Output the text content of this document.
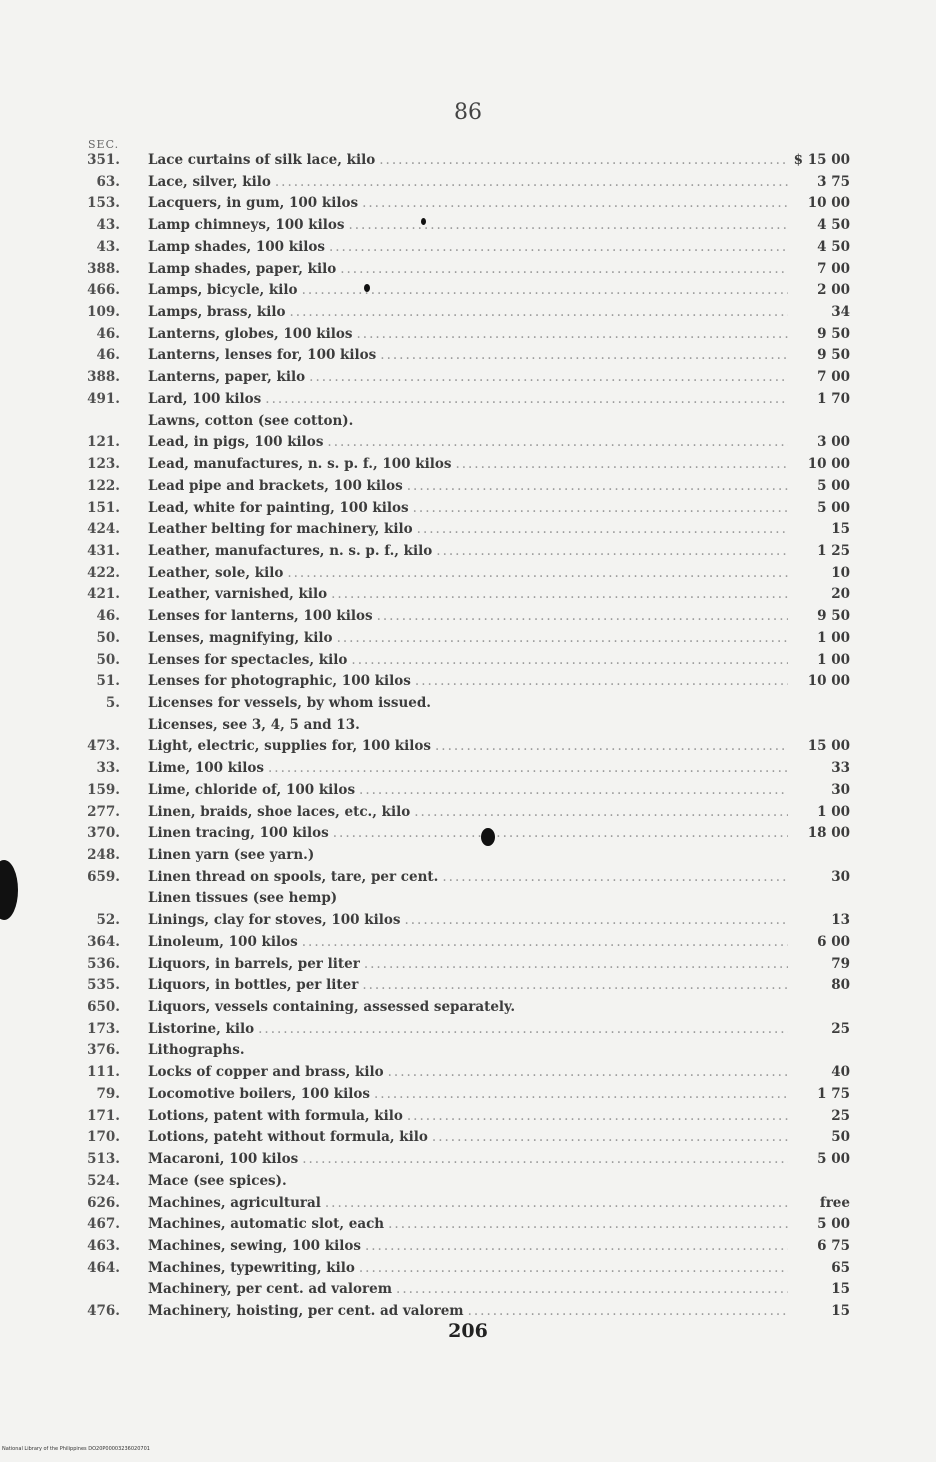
86
SEC.
351.	Lace curtains of silk lace, kilo .....	$ 15 00
63.	Lace, silver, kilo .....	3 75
153.	Lacquers, in gum, 100 kilos .....	10 00
43.	Lamp chimneys, 100 kilos .....	4 50
43.	Lamp shades, 100 kilos .....	4 50
388.	Lamp shades, paper, kilo .....	7 00
466.	Lamps, bicycle, kilo .....	2 00
109.	Lamps, brass, kilo .....	34
46.	Lanterns, globes, 100 kilos .....	9 50
46.	Lanterns, lenses for, 100 kilos .....	9 50
388.	Lanterns, paper, kilo .....	7 00
491.	Lard, 100 kilos .....	1 70
Lawns, cotton (see cotton).
121.	Lead, in pigs, 100 kilos .....	3 00
123.	Lead, manufactures, n. s. p. f., 100 kilos .....	10 00
122.	Lead pipe and brackets, 100 kilos .....	5 00
151.	Lead, white for painting, 100 kilos .....	5 00
424.	Leather belting for machinery, kilo .....	15
431.	Leather, manufactures, n. s. p. f., kilo .....	1 25
422.	Leather, sole, kilo .....	10
421.	Leather, varnished, kilo .....	20
46.	Lenses for lanterns, 100 kilos .....	9 50
50.	Lenses, magnifying, kilo .....	1 00
50.	Lenses for spectacles, kilo .....	1 00
51.	Lenses for photographic, 100 kilos .....	10 00
5.	Licenses for vessels, by whom issued.
Licenses, see 3, 4, 5 and 13.
473.	Light, electric, supplies for, 100 kilos .....	15 00
33.	Lime, 100 kilos .....	33
159.	Lime, chloride of, 100 kilos .....	30
277.	Linen, braids, shoe laces, etc., kilo .....	1 00
370.	Linen tracing, 100 kilos .....	18 00
248.	Linen yarn (see yarn.)
659.	Linen thread on spools, tare, per cent. .....	30
Linen tissues (see hemp)
52.	Linings, clay for stoves, 100 kilos .....	13
364.	Linoleum, 100 kilos .....	6 00
536.	Liquors, in barrels, per liter .....	79
535.	Liquors, in bottles, per liter .....	80
650.	Liquors, vessels containing, assessed separately.
173.	Listorine, kilo .....	25
376.	Lithographs.
111.	Locks of copper and brass, kilo .....	40
79.	Locomotive boilers, 100 kilos .....	1 75
171.	Lotions, patent with formula, kilo .....	25
170.	Lotions, pateht without formula, kilo .....	50
513.	Macaroni, 100 kilos .....	5 00
524.	Mace (see spices).
626.	Machines, agricultural .....	free
467.	Machines, automatic slot, each .....	5 00
463.	Machines, sewing, 100 kilos .....	6 75
464.	Machines, typewriting, kilo .....	65
Machinery, per cent. ad valorem .....	15
476.	Machinery, hoisting, per cent. ad valorem .....	15
206
National Library of the Philippines DO20P00003236020701
